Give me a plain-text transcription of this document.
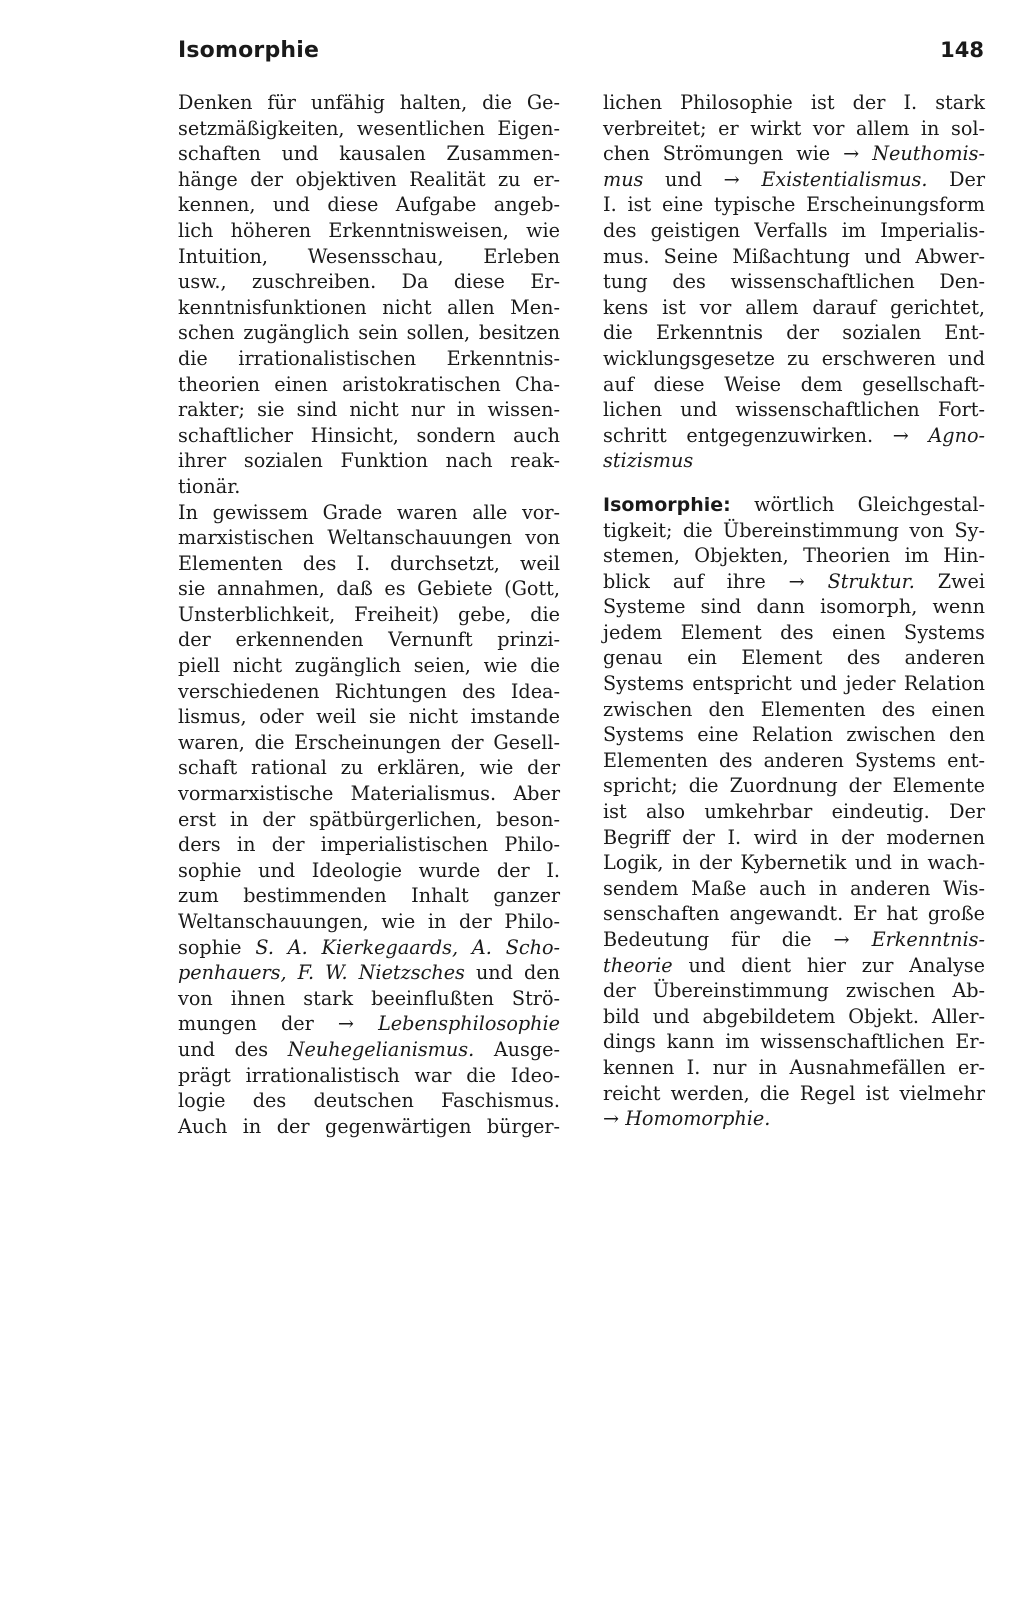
Isomorphie	148
Denken für unfähig halten, die Ge-
setzmäßigkeiten, wesentlichen Eigen-
schaften und kausalen Zusammen-
hänge der objektiven Realität zu er-
kennen, und diese Aufgabe angeb-
lich höheren Erkenntnisweisen, wie
Intuition, Wesensschau, Erleben
usw., zuschreiben. Da diese Er-
kenntnisfunktionen nicht allen Men-
schen zugänglich sein sollen, besitzen
die irrationalistischen Erkenntnis-
theorien einen aristokratischen Cha-
rakter; sie sind nicht nur in wissen-
schaftlicher Hinsicht, sondern auch
ihrer sozialen Funktion nach reak-
tionär.
In gewissem Grade waren alle vor-
marxistischen Weltanschauungen von
Elementen des I. durchsetzt, weil
sie annahmen, daß es Gebiete (Gott,
Unsterblichkeit, Freiheit) gebe, die
der erkennenden Vernunft prinzi-
piell nicht zugänglich seien, wie die
verschiedenen Richtungen des Idea-
lismus, oder weil sie nicht imstande
waren, die Erscheinungen der Gesell-
schaft rational zu erklären, wie der
vormarxistische Materialismus. Aber
erst in der spätbürgerlichen, beson-
ders in der imperialistischen Philo-
sophie und Ideologie wurde der I.
zum bestimmenden Inhalt ganzer
Weltanschauungen, wie in der Philo-
sophie S. A. Kierkegaards, A. Scho-
penhauers, F. W. Nietzsches und den
von ihnen stark beeinflußten Strö-
mungen der → Lebensphilosophie
und des Neuhegelianismus. Ausge-
prägt irrationalistisch war die Ideo-
logie des deutschen Faschismus.
Auch in der gegenwärtigen bürger-
lichen Philosophie ist der I. stark
verbreitet; er wirkt vor allem in sol-
chen Strömungen wie → Neuthomis-
mus und → Existentialismus. Der
I. ist eine typische Erscheinungsform
des geistigen Verfalls im Imperialis-
mus. Seine Mißachtung und Abwer-
tung des wissenschaftlichen Den-
kens ist vor allem darauf gerichtet,
die Erkenntnis der sozialen Ent-
wicklungsgesetze zu erschweren und
auf diese Weise dem gesellschaft-
lichen und wissenschaftlichen Fort-
schritt entgegenzuwirken. → Agno-
stizismus
Isomorphie: wörtlich Gleichgestal-
tigkeit; die Übereinstimmung von Sy-
stemen, Objekten, Theorien im Hin-
blick auf ihre → Struktur. Zwei
Systeme sind dann isomorph, wenn
jedem Element des einen Systems
genau ein Element des anderen
Systems entspricht und jeder Relation
zwischen den Elementen des einen
Systems eine Relation zwischen den
Elementen des anderen Systems ent-
spricht; die Zuordnung der Elemente
ist also umkehrbar eindeutig. Der
Begriff der I. wird in der modernen
Logik, in der Kybernetik und in wach-
sendem Maße auch in anderen Wis-
senschaften angewandt. Er hat große
Bedeutung für die → Erkenntnis-
theorie und dient hier zur Analyse
der Übereinstimmung zwischen Ab-
bild und abgebildetem Objekt. Aller-
dings kann im wissenschaftlichen Er-
kennen I. nur in Ausnahmefällen er-
reicht werden, die Regel ist vielmehr
→ Homomorphie.
